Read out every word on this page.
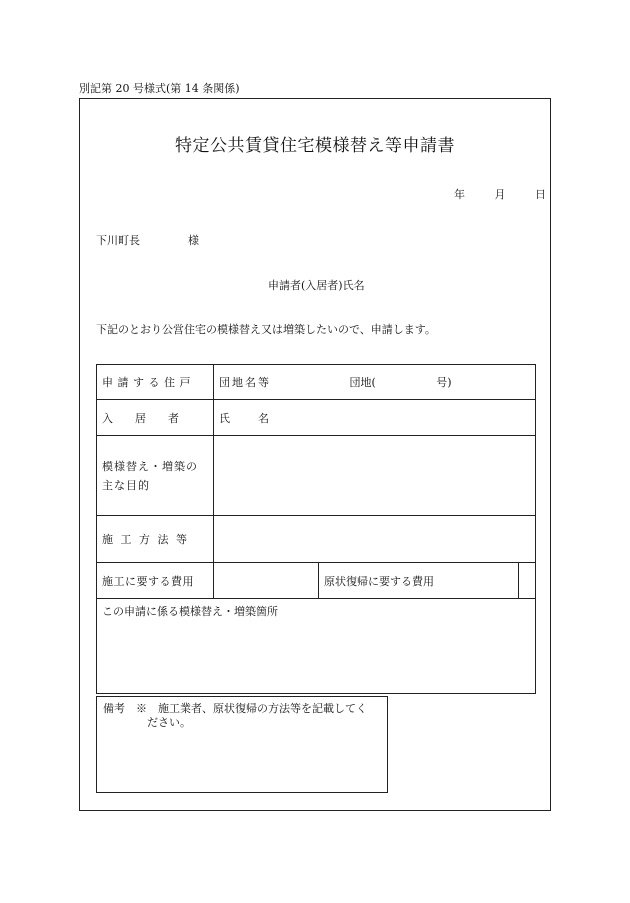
別記第 20 号様式(第 14 条関係)
特定公共賃貸住宅模様替え等申請書
年	月	日
下川町長	様
申請者(入居者)氏名
下記のとおり公営住宅の模様替え又は増築したいので、申請します。
申 請 す る 住 戸	団地名等 団地( 号)		

入　　居　　者	氏 名		

模様替え・増築の
主な目的			

施 工 方 法 等			
施工に要する費用		原状復帰に要する費用	
この申請に係る模様替え・増築箇所			
備考　※　施工業者、原状復帰の方法等を記載してく
ださい。
